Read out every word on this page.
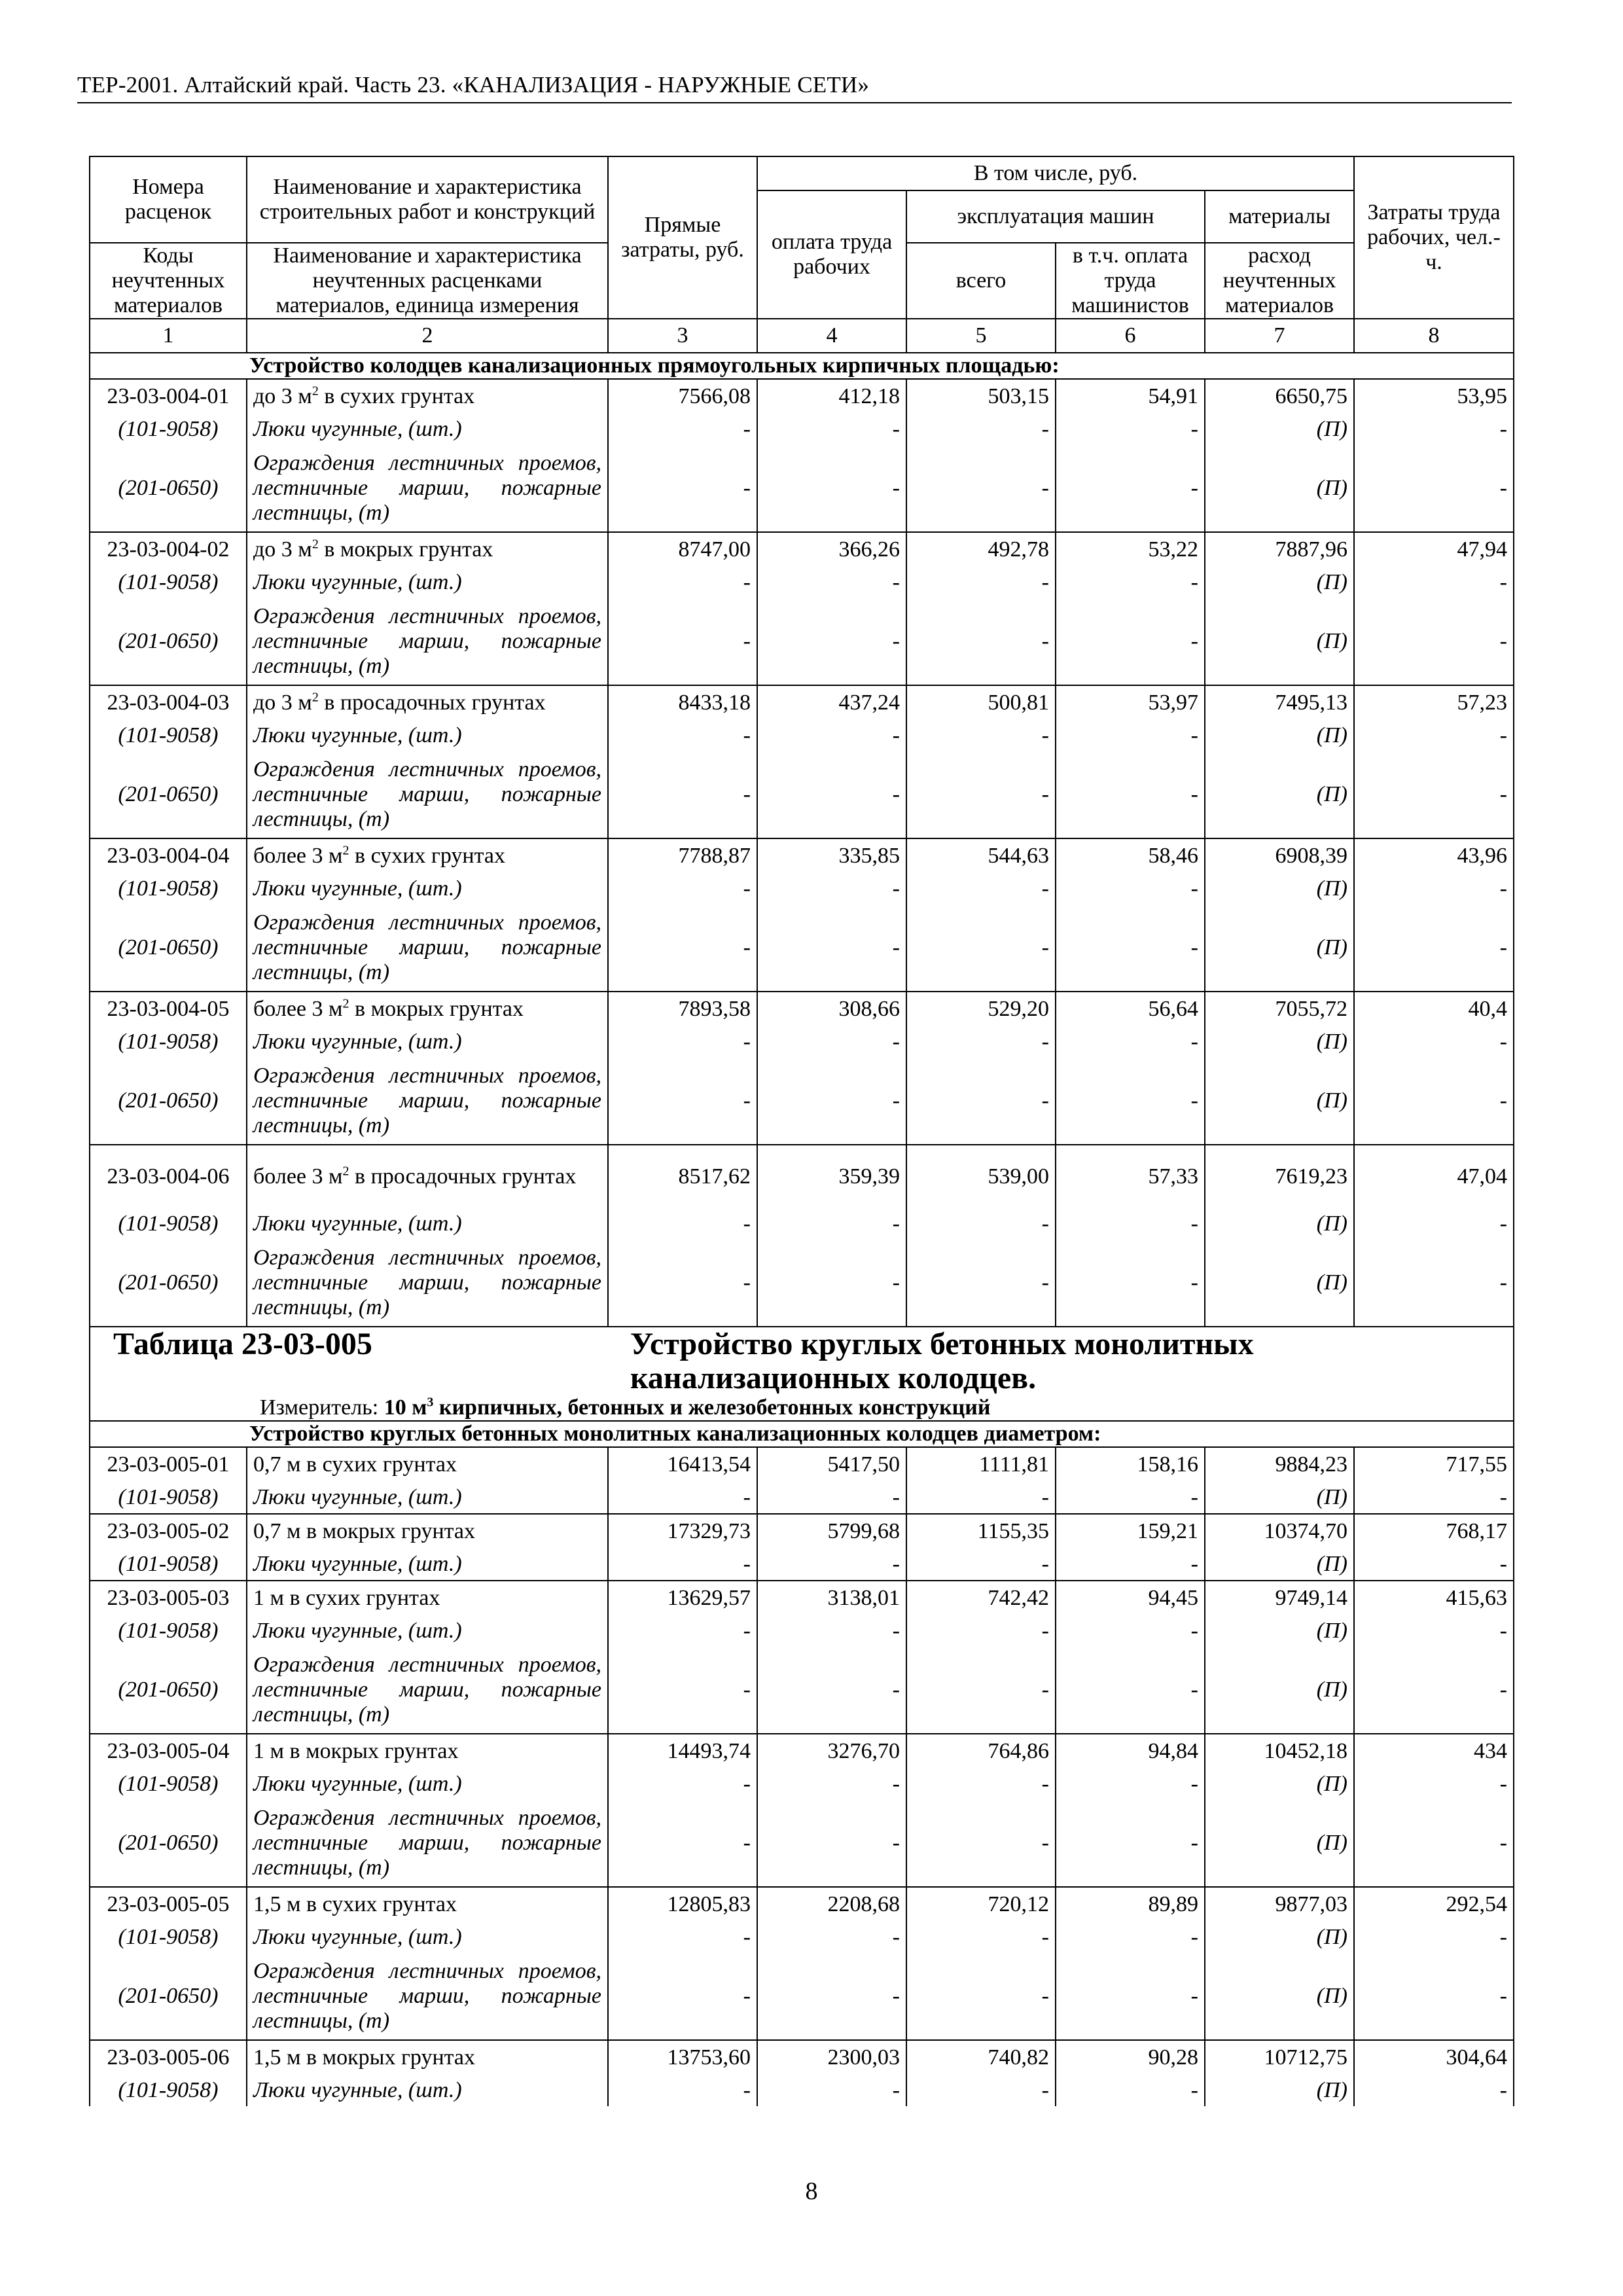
ТЕР-2001. Алтайский край. Часть 23. «КАНАЛИЗАЦИЯ - НАРУЖНЫЕ СЕТИ»
Номера расценок	Наименование и характеристика строительных работ и конструкций	Прямые затраты, руб.	В том числе, руб.				Затраты труда рабочих, чел.-ч.
			оплата труда рабочих	эксплуатация машин		материалы	
Коды неучтенных материалов	Наименование и характеристика неучтенных расценками материалов, единица измерения			всего	в т.ч. оплата труда машинистов	расход неучтенных материалов	
1	2	3	4	5	6	7	8

Устройство колодцев канализационных прямоугольных кирпичных площадью:							

23-03-004-01	до 3 $м^2$ в сухих грунтах	7566,08	412,18	503,15	54,91	6650,75	53,95
(101-9058)	Люки чугунные, (шт.)	-	-	-	-	(П)	-
(201-0650)	Ограждения лестничных проемов, лестничные марши, пожарные лестницы, (т)	-	-	-	-	(П)	-
23-03-004-02	до 3 $м^2$ в мокрых грунтах	8747,00	366,26	492,78	53,22	7887,96	47,94
(101-9058)	Люки чугунные, (шт.)	-	-	-	-	(П)	-
(201-0650)	Ограждения лестничных проемов, лестничные марши, пожарные лестницы, (т)	-	-	-	-	(П)	-
23-03-004-03	до 3 $м^2$ в просадочных грунтах	8433,18	437,24	500,81	53,97	7495,13	57,23
(101-9058)	Люки чугунные, (шт.)	-	-	-	-	(П)	-
(201-0650)	Ограждения лестничных проемов, лестничные марши, пожарные лестницы, (т)	-	-	-	-	(П)	-
23-03-004-04	более 3 $м^2$ в сухих грунтах	7788,87	335,85	544,63	58,46	6908,39	43,96
(101-9058)	Люки чугунные, (шт.)	-	-	-	-	(П)	-
(201-0650)	Ограждения лестничных проемов, лестничные марши, пожарные лестницы, (т)	-	-	-	-	(П)	-
23-03-004-05	более 3 $м^2$ в мокрых грунтах	7893,58	308,66	529,20	56,64	7055,72	40,4
(101-9058)	Люки чугунные, (шт.)	-	-	-	-	(П)	-
(201-0650)	Ограждения лестничных проемов, лестничные марши, пожарные лестницы, (т)	-	-	-	-	(П)	-
23-03-004-06	более 3 $м^2$ в просадочных грунтах	8517,62	359,39	539,00	57,33	7619,23	47,04
(101-9058)	Люки чугунные, (шт.)	-	-	-	-	(П)	-
(201-0650)	Ограждения лестничных проемов, лестничные марши, пожарные лестницы, (т)	-	-	-	-	(П)	-

Таблица 23-03-005 Устройство круглых бетонных монолитных канализационных колодцев.							

Измеритель: 10 $м^3$ кирпичных, бетонных и железобетонных конструкций							

Устройство круглых бетонных монолитных канализационных колодцев диаметром:							

23-03-005-01	0,7 м в сухих грунтах	16413,54	5417,50	1111,81	158,16	9884,23	717,55
(101-9058)	Люки чугунные, (шт.)	-	-	-	-	(П)	-
23-03-005-02	0,7 м в мокрых грунтах	17329,73	5799,68	1155,35	159,21	10374,70	768,17
(101-9058)	Люки чугунные, (шт.)	-	-	-	-	(П)	-
23-03-005-03	1 м в сухих грунтах	13629,57	3138,01	742,42	94,45	9749,14	415,63
(101-9058)	Люки чугунные, (шт.)	-	-	-	-	(П)	-
(201-0650)	Ограждения лестничных проемов, лестничные марши, пожарные лестницы, (т)	-	-	-	-	(П)	-
23-03-005-04	1 м в мокрых грунтах	14493,74	3276,70	764,86	94,84	10452,18	434
(101-9058)	Люки чугунные, (шт.)	-	-	-	-	(П)	-
(201-0650)	Ограждения лестничных проемов, лестничные марши, пожарные лестницы, (т)	-	-	-	-	(П)	-
23-03-005-05	1,5 м в сухих грунтах	12805,83	2208,68	720,12	89,89	9877,03	292,54
(101-9058)	Люки чугунные, (шт.)	-	-	-	-	(П)	-
(201-0650)	Ограждения лестничных проемов, лестничные марши, пожарные лестницы, (т)	-	-	-	-	(П)	-
23-03-005-06	1,5 м в мокрых грунтах	13753,60	2300,03	740,82	90,28	10712,75	304,64
(101-9058)	Люки чугунные, (шт.)	-	-	-	-	(П)	-
8
